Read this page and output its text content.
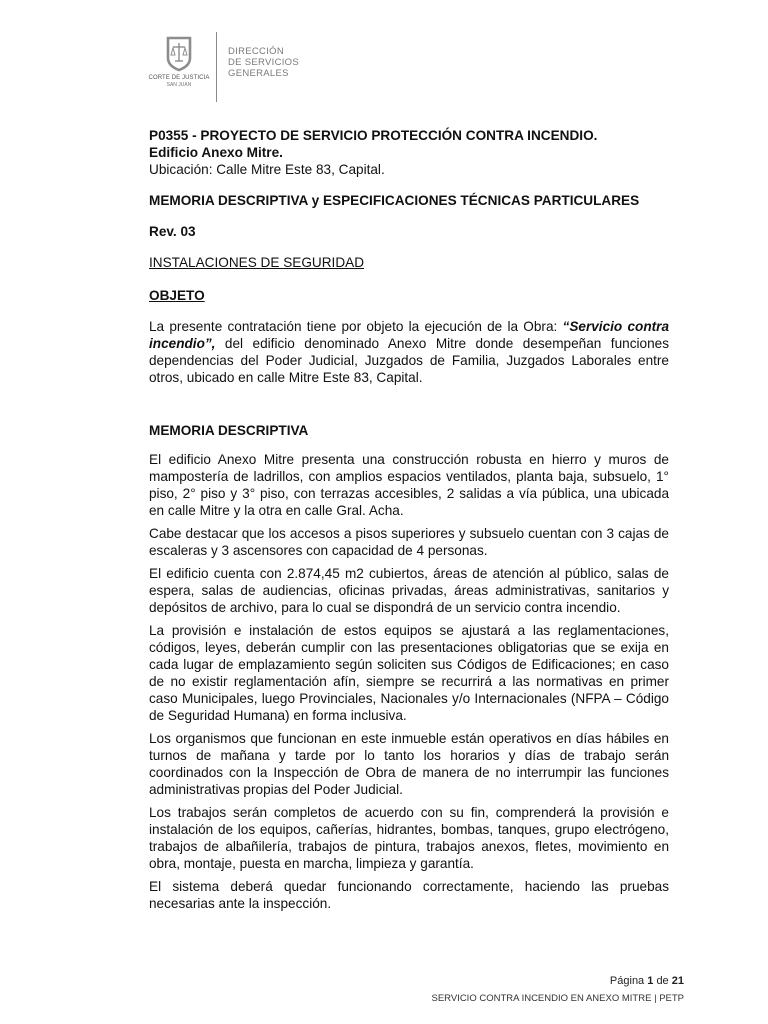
CORTE DE JUSTICIA
SAN JUAN
DIRECCIÓN
DE SERVICIOS
GENERALES

P0355 - PROYECTO DE SERVICIO PROTECCIÓN CONTRA INCENDIO.

Edificio Anexo Mitre.

Ubicación: Calle Mitre Este 83, Capital.

MEMORIA DESCRIPTIVA y ESPECIFICACIONES TÉCNICAS PARTICULARES

Rev. 03

INSTALACIONES DE SEGURIDAD

OBJETO

La presente contratación tiene por objeto la ejecución de la Obra: “Servicio contra incendio”, del edificio denominado Anexo Mitre donde desempeñan funciones dependencias del Poder Judicial, Juzgados de Familia, Juzgados Laborales entre otros, ubicado en calle Mitre Este 83, Capital.

MEMORIA DESCRIPTIVA

El edificio Anexo Mitre presenta una construcción robusta en hierro y muros de mampostería de ladrillos, con amplios espacios ventilados, planta baja, subsuelo, 1° piso, 2° piso y 3° piso, con terrazas accesibles, 2 salidas a vía pública, una ubicada en calle Mitre y la otra en calle Gral. Acha.

Cabe destacar que los accesos a pisos superiores y subsuelo cuentan con 3 cajas de escaleras y 3 ascensores con capacidad de 4 personas.

El edificio cuenta con 2.874,45 m2 cubiertos, áreas de atención al público, salas de espera, salas de audiencias, oficinas privadas, áreas administrativas, sanitarios y depósitos de archivo, para lo cual se dispondrá de un servicio contra incendio.

La provisión e instalación de estos equipos se ajustará a las reglamentaciones, códigos, leyes, deberán cumplir con las presentaciones obligatorias que se exija en cada lugar de emplazamiento según soliciten sus Códigos de Edificaciones; en caso de no existir reglamentación afín, siempre se recurrirá a las normativas en primer caso Municipales, luego Provinciales, Nacionales y/o Internacionales (NFPA – Código de Seguridad Humana) en forma inclusiva.

Los organismos que funcionan en este inmueble están operativos en días hábiles en turnos de mañana y tarde por lo tanto los horarios y días de trabajo serán coordinados con la Inspección de Obra de manera de no interrumpir las funciones administrativas propias del Poder Judicial.

Los trabajos serán completos de acuerdo con su fin, comprenderá la provisión e instalación de los equipos, cañerías, hidrantes, bombas, tanques, grupo electrógeno, trabajos de albañilería, trabajos de pintura, trabajos anexos, fletes, movimiento en obra, montaje, puesta en marcha, limpieza y garantía.

El sistema deberá quedar funcionando correctamente, haciendo las pruebas necesarias ante la inspección.

Página 1 de 21
SERVICIO CONTRA INCENDIO EN ANEXO MITRE | PETP
